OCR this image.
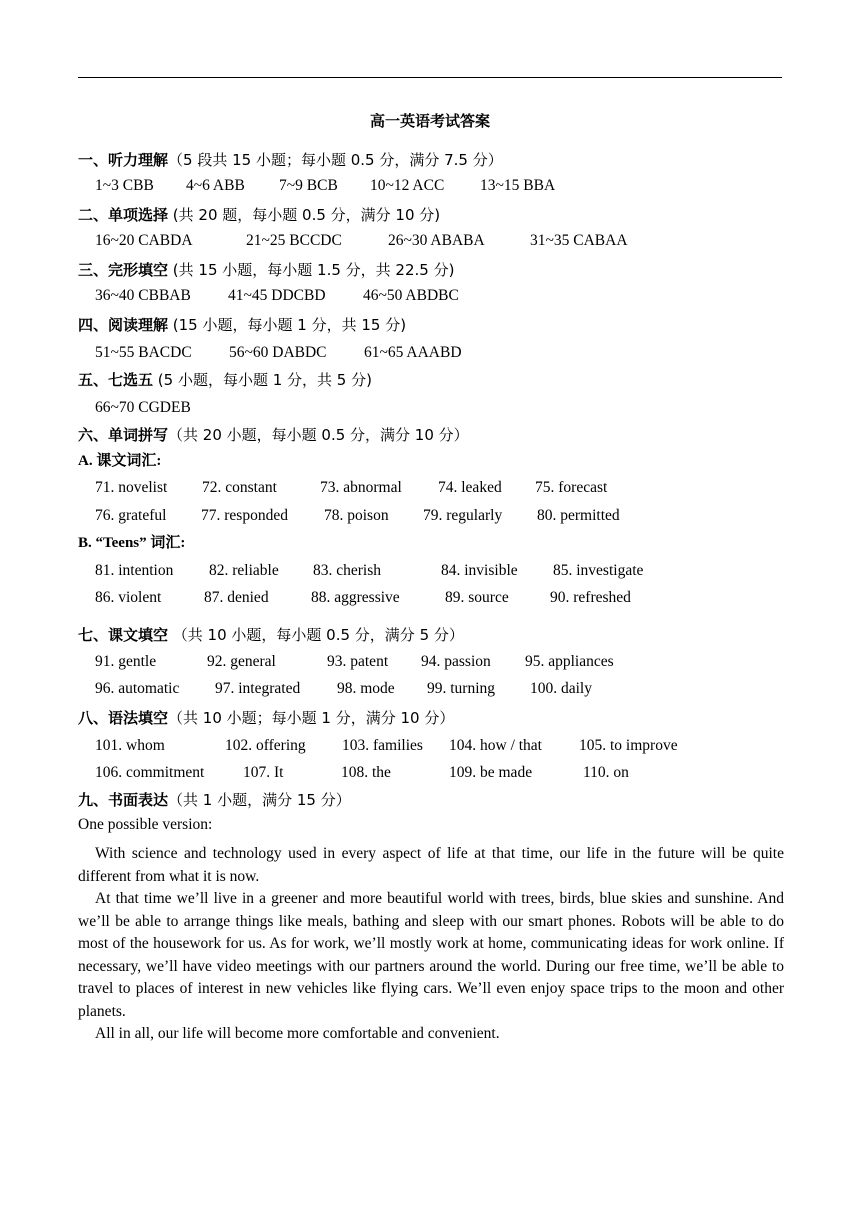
高一英语考试答案
一、听力理解（5 段共 15 小题；每小题 0.5 分，满分 7.5 分）
1~3 CBB 4~6 ABB 7~9 BCB 10~12 ACC 13~15 BBA
二、单项选择 (共 20 题，每小题 0.5 分，满分 10 分)
16~20 CABDA	21~25 BCCDC	26~30 ABABA	31~35 CABAA
三、完形填空 (共 15 小题，每小题 1.5 分，共 22.5 分)
36~40 CBBAB 41~45 DDCBD 46~50 ABDBC
四、阅读理解 (15 小题，每小题 1 分，共 15 分)
51~55 BACDC 56~60 DABDC 61~65 AAABD
五、七选五 (5 小题，每小题 1 分，共 5 分)
66~70 CGDEB
六、单词拼写（共 20 小题，每小题 0.5 分，满分 10 分）
A. 课文词汇:
71. novelist 72. constant	73. abnormal 74. leaked 75. forecast
76. grateful 77. responded 78. poison 79. regularly 80. permitted
B. “Teens” 词汇:
81. intention 82. reliable 83. cherish	84. invisible 85. investigate
86. violent	87. denied	88. aggressive	89. source	90. refreshed
七、课文填空 （共 10 小题，每小题 0.5 分，满分 5 分）
91. gentle	92. general	93. patent 94. passion 95. appliances
96. automatic 97. integrated 98. mode 99. turning 100. daily
八、语法填空（共 10 小题；每小题 1 分，满分 10 分）
101. whom	102. offering 103. families 104. how / that 105. to improve
106. commitment 107. It	108. the	109. be made	110. on
九、书面表达（共 1 小题，满分 15 分）
One possible version:

With science and technology used in every aspect of life at that time, our life in the future will be quite different from what it is now.

At that time we’ll live in a greener and more beautiful world with trees, birds, blue skies and sunshine. And we’ll be able to arrange things like meals, bathing and sleep with our smart phones. Robots will be able to do most of the housework for us. As for work, we’ll mostly work at home, communicating ideas for work online. If necessary, we’ll have video meetings with our partners around the world. During our free time, we’ll be able to travel to places of interest in new vehicles like flying cars. We’ll even enjoy space trips to the moon and other planets.

All in all, our life will become more comfortable and convenient.
